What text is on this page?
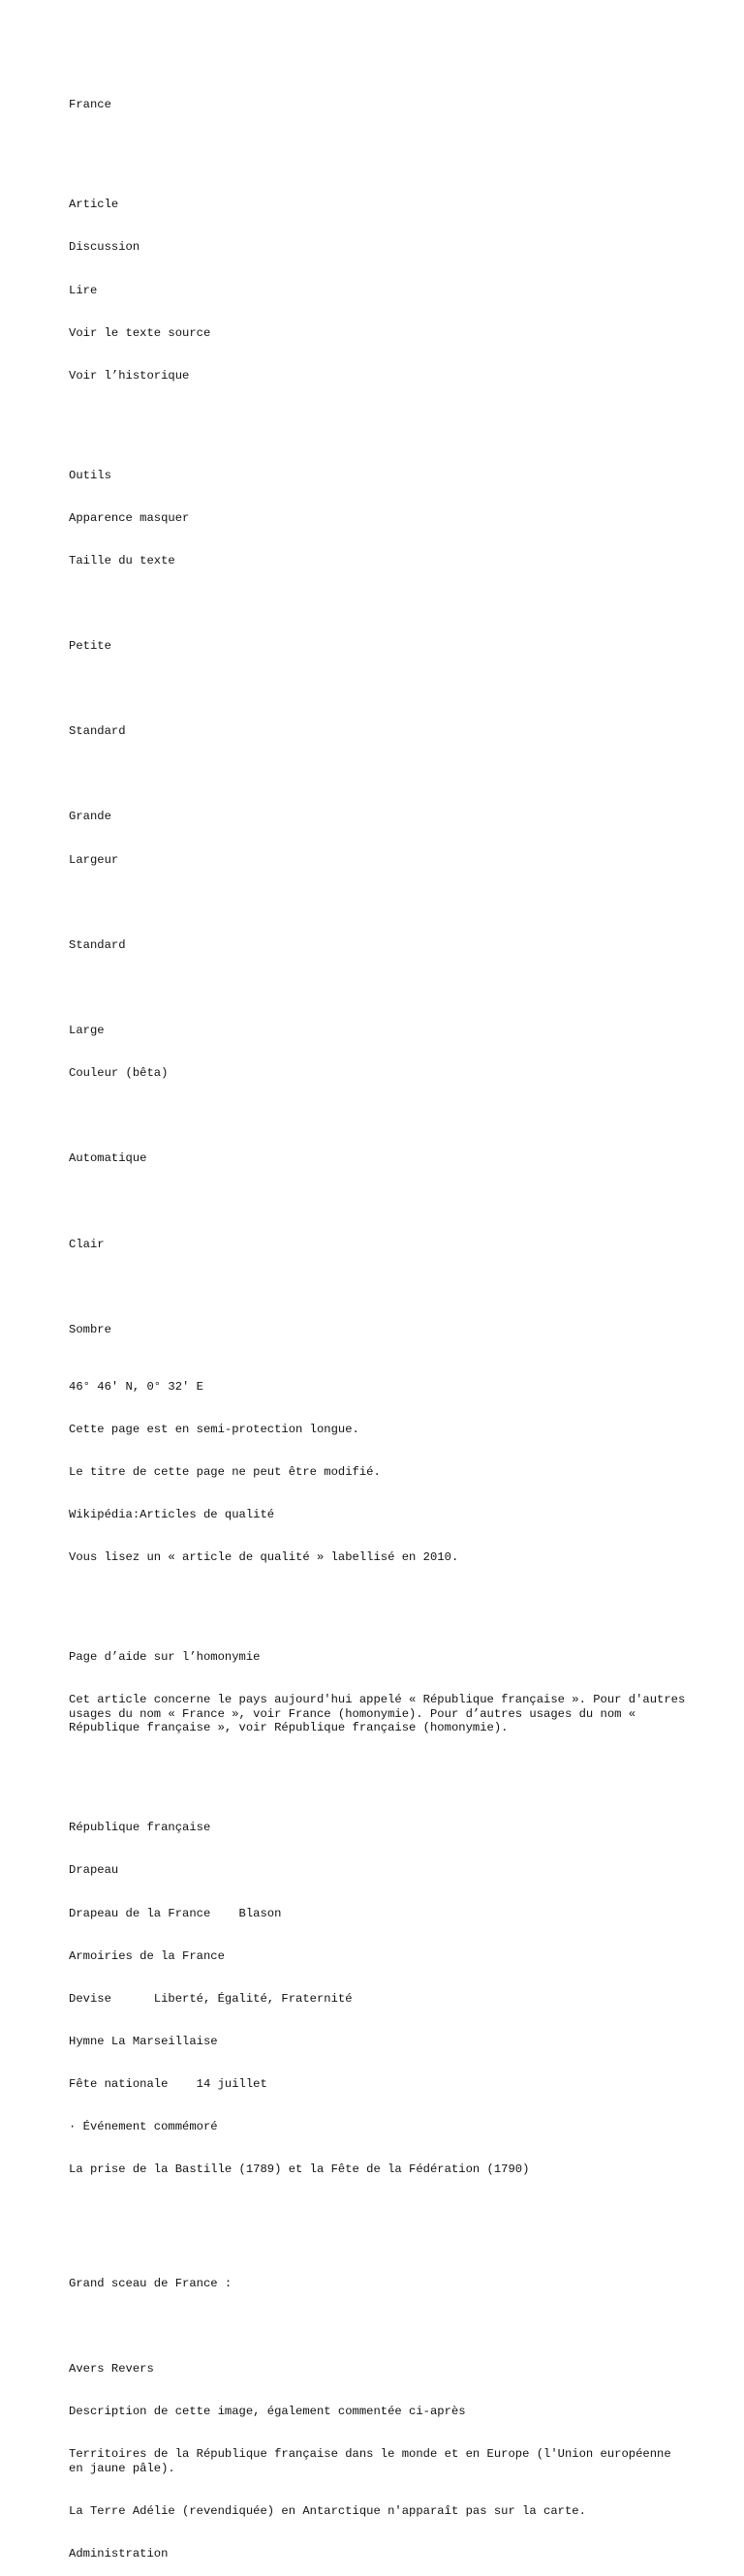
France

Article

Discussion

Lire

Voir le texte source

Voir l’historique

Outils

Apparence masquer

Taille du texte

Petite

Standard

Grande

Largeur

Standard

Large

Couleur (bêta)

Automatique

Clair

Sombre

46° 46′ N, 0° 32′ E

Cette page est en semi-protection longue.

Le titre de cette page ne peut être modifié.

Wikipédia:Articles de qualité

Vous lisez un « article de qualité » labellisé en 2010.

Page d’aide sur l’homonymie

Cet article concerne le pays aujourd'hui appelé « République française ». Pour d'autres usages du nom « France », voir France (homonymie). Pour d’autres usages du nom « République française », voir République française (homonymie).

République française

Drapeau

Drapeau de la France Blason

Armoiries de la France

Devise	Liberté, Égalité, Fraternité

Hymne La Marseillaise

Fête nationale 14 juillet

· Événement commémoré

La prise de la Bastille (1789) et la Fête de la Fédération (1790)

Grand sceau de France :

Avers Revers

Description de cette image, également commentée ci-après

Territoires de la République française dans le monde et en Europe (l'Union européenne en jaune pâle).

La Terre Adélie (revendiquée) en Antarctique n'apparaît pas sur la carte.

Administration
